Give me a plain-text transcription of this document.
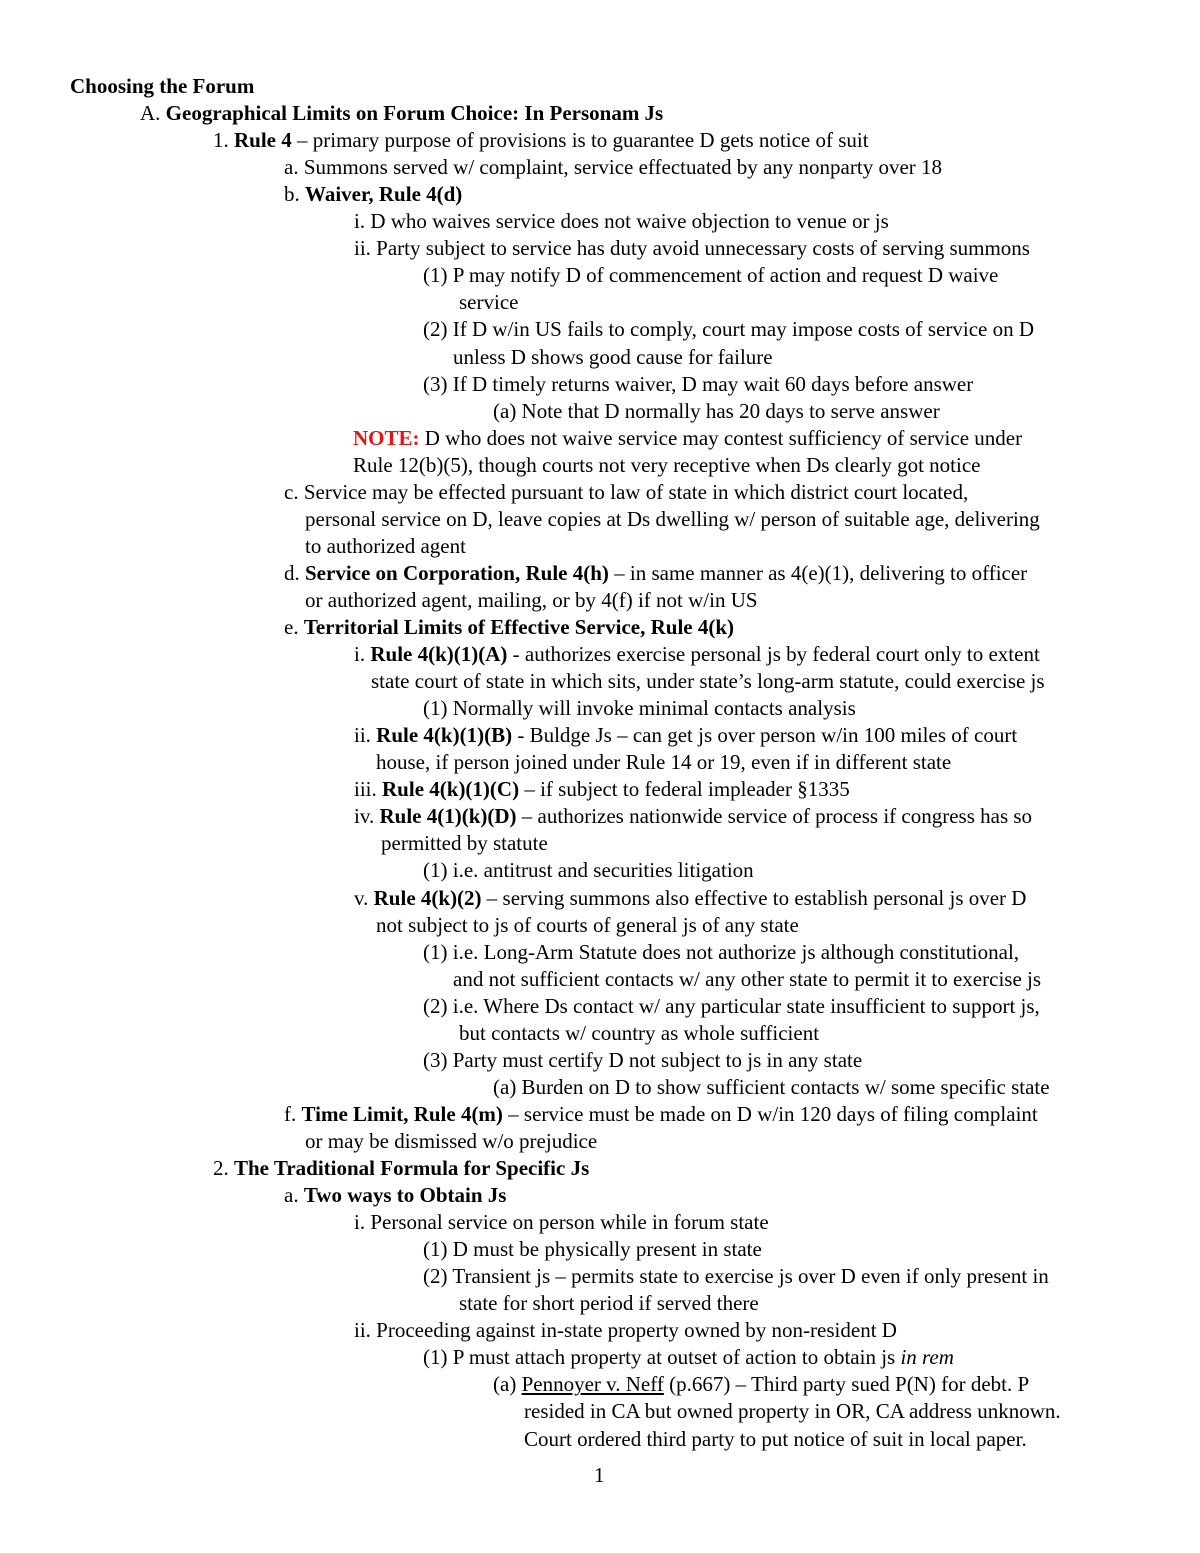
Choosing the Forum
A. Geographical Limits on Forum Choice: In Personam Js
1. Rule 4 – primary purpose of provisions is to guarantee D gets notice of suit
a. Summons served w/ complaint, service effectuated by any nonparty over 18
b. Waiver, Rule 4(d)
i. D who waives service does not waive objection to venue or js
ii. Party subject to service has duty avoid unnecessary costs of serving summons
(1) P may notify D of commencement of action and request D waive
service
(2) If D w/in US fails to comply, court may impose costs of service on D
unless D shows good cause for failure
(3) If D timely returns waiver, D may wait 60 days before answer
(a) Note that D normally has 20 days to serve answer
NOTE: D who does not waive service may contest sufficiency of service under
Rule 12(b)(5), though courts not very receptive when Ds clearly got notice
c. Service may be effected pursuant to law of state in which district court located,
personal service on D, leave copies at Ds dwelling w/ person of suitable age, delivering
to authorized agent
d. Service on Corporation, Rule 4(h) – in same manner as 4(e)(1), delivering to officer
or authorized agent, mailing, or by 4(f) if not w/in US
e. Territorial Limits of Effective Service, Rule 4(k)
i. Rule 4(k)(1)(A) - authorizes exercise personal js by federal court only to extent
state court of state in which sits, under state’s long-arm statute, could exercise js
(1) Normally will invoke minimal contacts analysis
ii. Rule 4(k)(1)(B) - Buldge Js – can get js over person w/in 100 miles of court
house, if person joined under Rule 14 or 19, even if in different state
iii. Rule 4(k)(1)(C) – if subject to federal impleader §1335
iv. Rule 4(1)(k)(D) – authorizes nationwide service of process if congress has so
permitted by statute
(1) i.e. antitrust and securities litigation
v. Rule 4(k)(2) – serving summons also effective to establish personal js over D
not subject to js of courts of general js of any state
(1) i.e. Long-Arm Statute does not authorize js although constitutional,
and not sufficient contacts w/ any other state to permit it to exercise js
(2) i.e. Where Ds contact w/ any particular state insufficient to support js,
but contacts w/ country as whole sufficient
(3) Party must certify D not subject to js in any state
(a) Burden on D to show sufficient contacts w/ some specific state
f. Time Limit, Rule 4(m) – service must be made on D w/in 120 days of filing complaint
or may be dismissed w/o prejudice
2. The Traditional Formula for Specific Js
a. Two ways to Obtain Js
i. Personal service on person while in forum state
(1) D must be physically present in state
(2) Transient js – permits state to exercise js over D even if only present in
state for short period if served there
ii. Proceeding against in-state property owned by non-resident D
(1) P must attach property at outset of action to obtain js in rem
(a) Pennoyer v. Neff (p.667) – Third party sued P(N) for debt. P
resided in CA but owned property in OR, CA address unknown.
Court ordered third party to put notice of suit in local paper.
1
